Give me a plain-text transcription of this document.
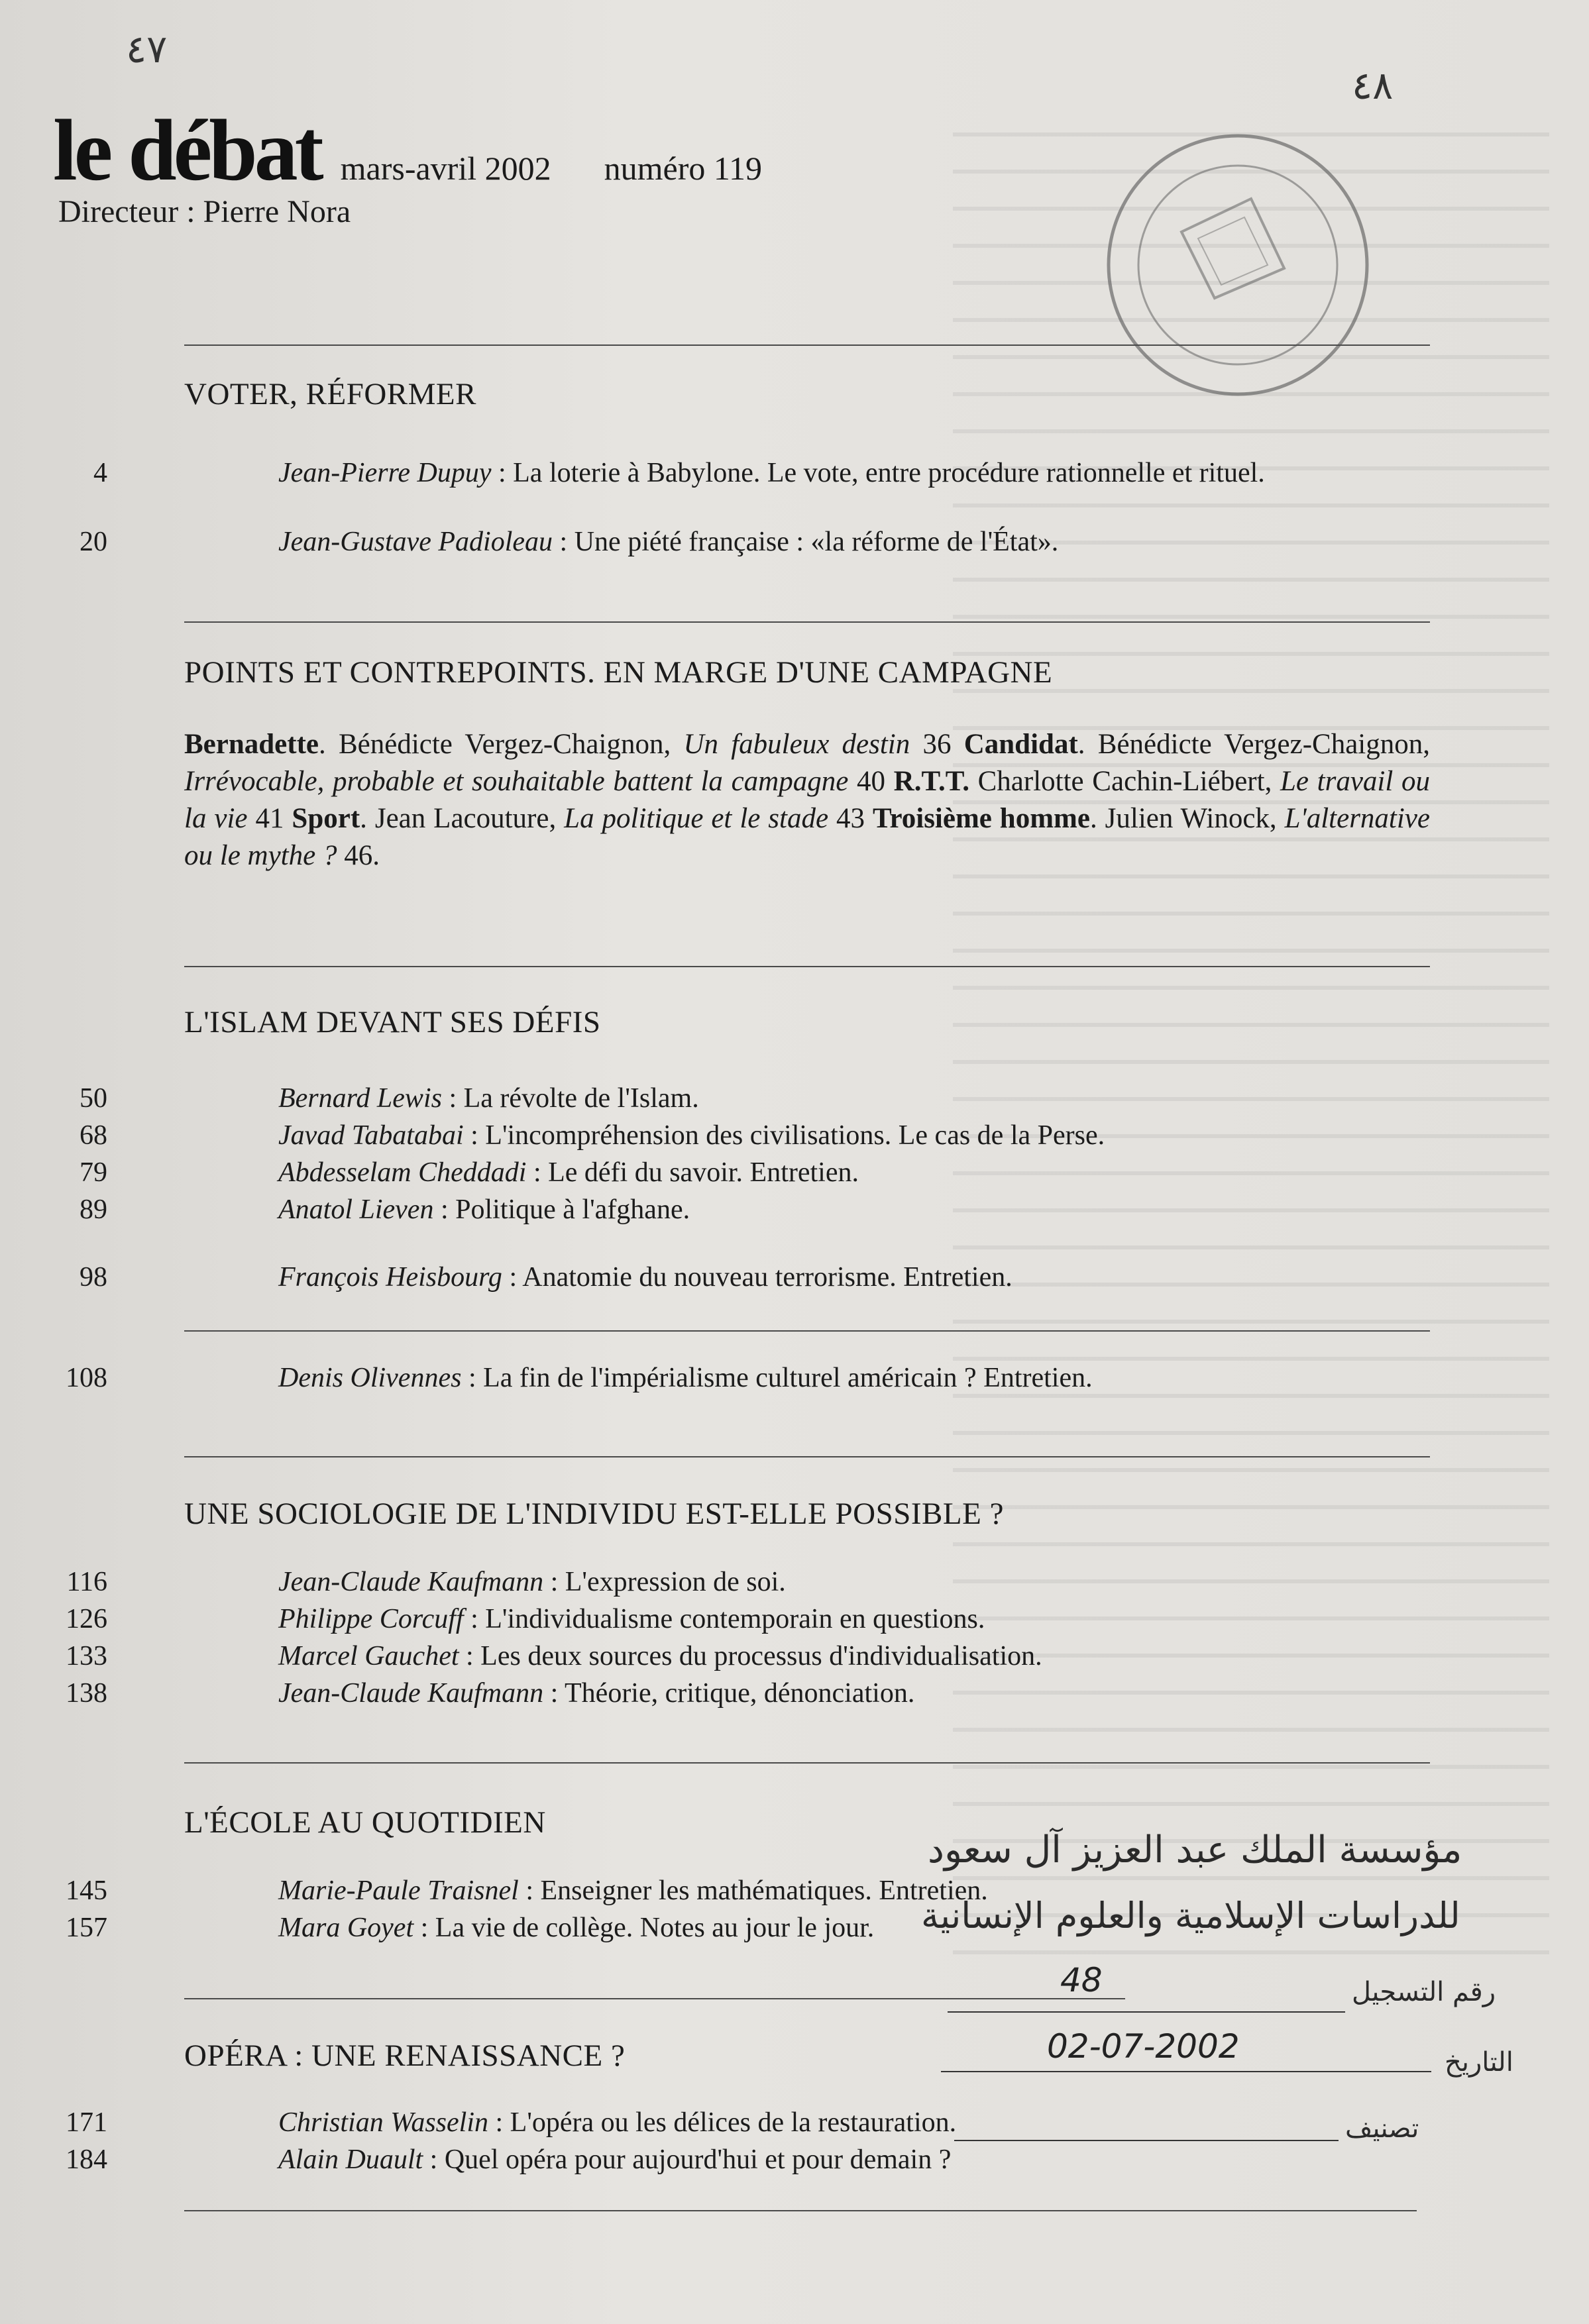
٤٧
٤٨
le débat mars-avril 2002 numéro 119
Directeur : Pierre Nora
VOTER, RÉFORMER
4	Jean-Pierre Dupuy : La loterie à Babylone. Le vote, entre procédure rationnelle et rituel.
20	Jean-Gustave Padioleau : Une piété française : «la réforme de l'État».
POINTS ET CONTREPOINTS. EN MARGE D'UNE CAMPAGNE
Bernadette. Bénédicte Vergez-Chaignon, Un fabuleux destin 36 Candidat. Bénédicte Vergez-Chaignon, Irrévocable, probable et souhaitable battent la campagne 40 R.T.T. Charlotte Cachin-Liébert, Le travail ou la vie 41 Sport. Jean Lacouture, La politique et le stade 43 Troisième homme. Julien Winock, L'alternative ou le mythe ? 46.
L'ISLAM DEVANT SES DÉFIS
50	Bernard Lewis : La révolte de l'Islam.
68	Javad Tabatabai : L'incompréhension des civilisations. Le cas de la Perse.
79	Abdesselam Cheddadi : Le défi du savoir. Entretien.
89	Anatol Lieven : Politique à l'afghane.
98	François Heisbourg : Anatomie du nouveau terrorisme. Entretien.
108	Denis Olivennes : La fin de l'impérialisme culturel américain ? Entretien.
UNE SOCIOLOGIE DE L'INDIVIDU EST-ELLE POSSIBLE ?
116	Jean-Claude Kaufmann : L'expression de soi.
126	Philippe Corcuff : L'individualisme contemporain en questions.
133	Marcel Gauchet : Les deux sources du processus d'individualisation.
138	Jean-Claude Kaufmann : Théorie, critique, dénonciation.
L'ÉCOLE AU QUOTIDIEN
145	Marie-Paule Traisnel : Enseigner les mathématiques. Entretien.
157	Mara Goyet : La vie de collège. Notes au jour le jour.
OPÉRA : UNE RENAISSANCE ?
171	Christian Wasselin : L'opéra ou les délices de la restauration.
184	Alain Duault : Quel opéra pour aujourd'hui et pour demain ?
مؤسسة الملك عبد العزيز آل سعود
للدراسات الإسلامية والعلوم الإنسانية
رقم التسجيل
48
التاريخ
02-07-2002
تصنيف
